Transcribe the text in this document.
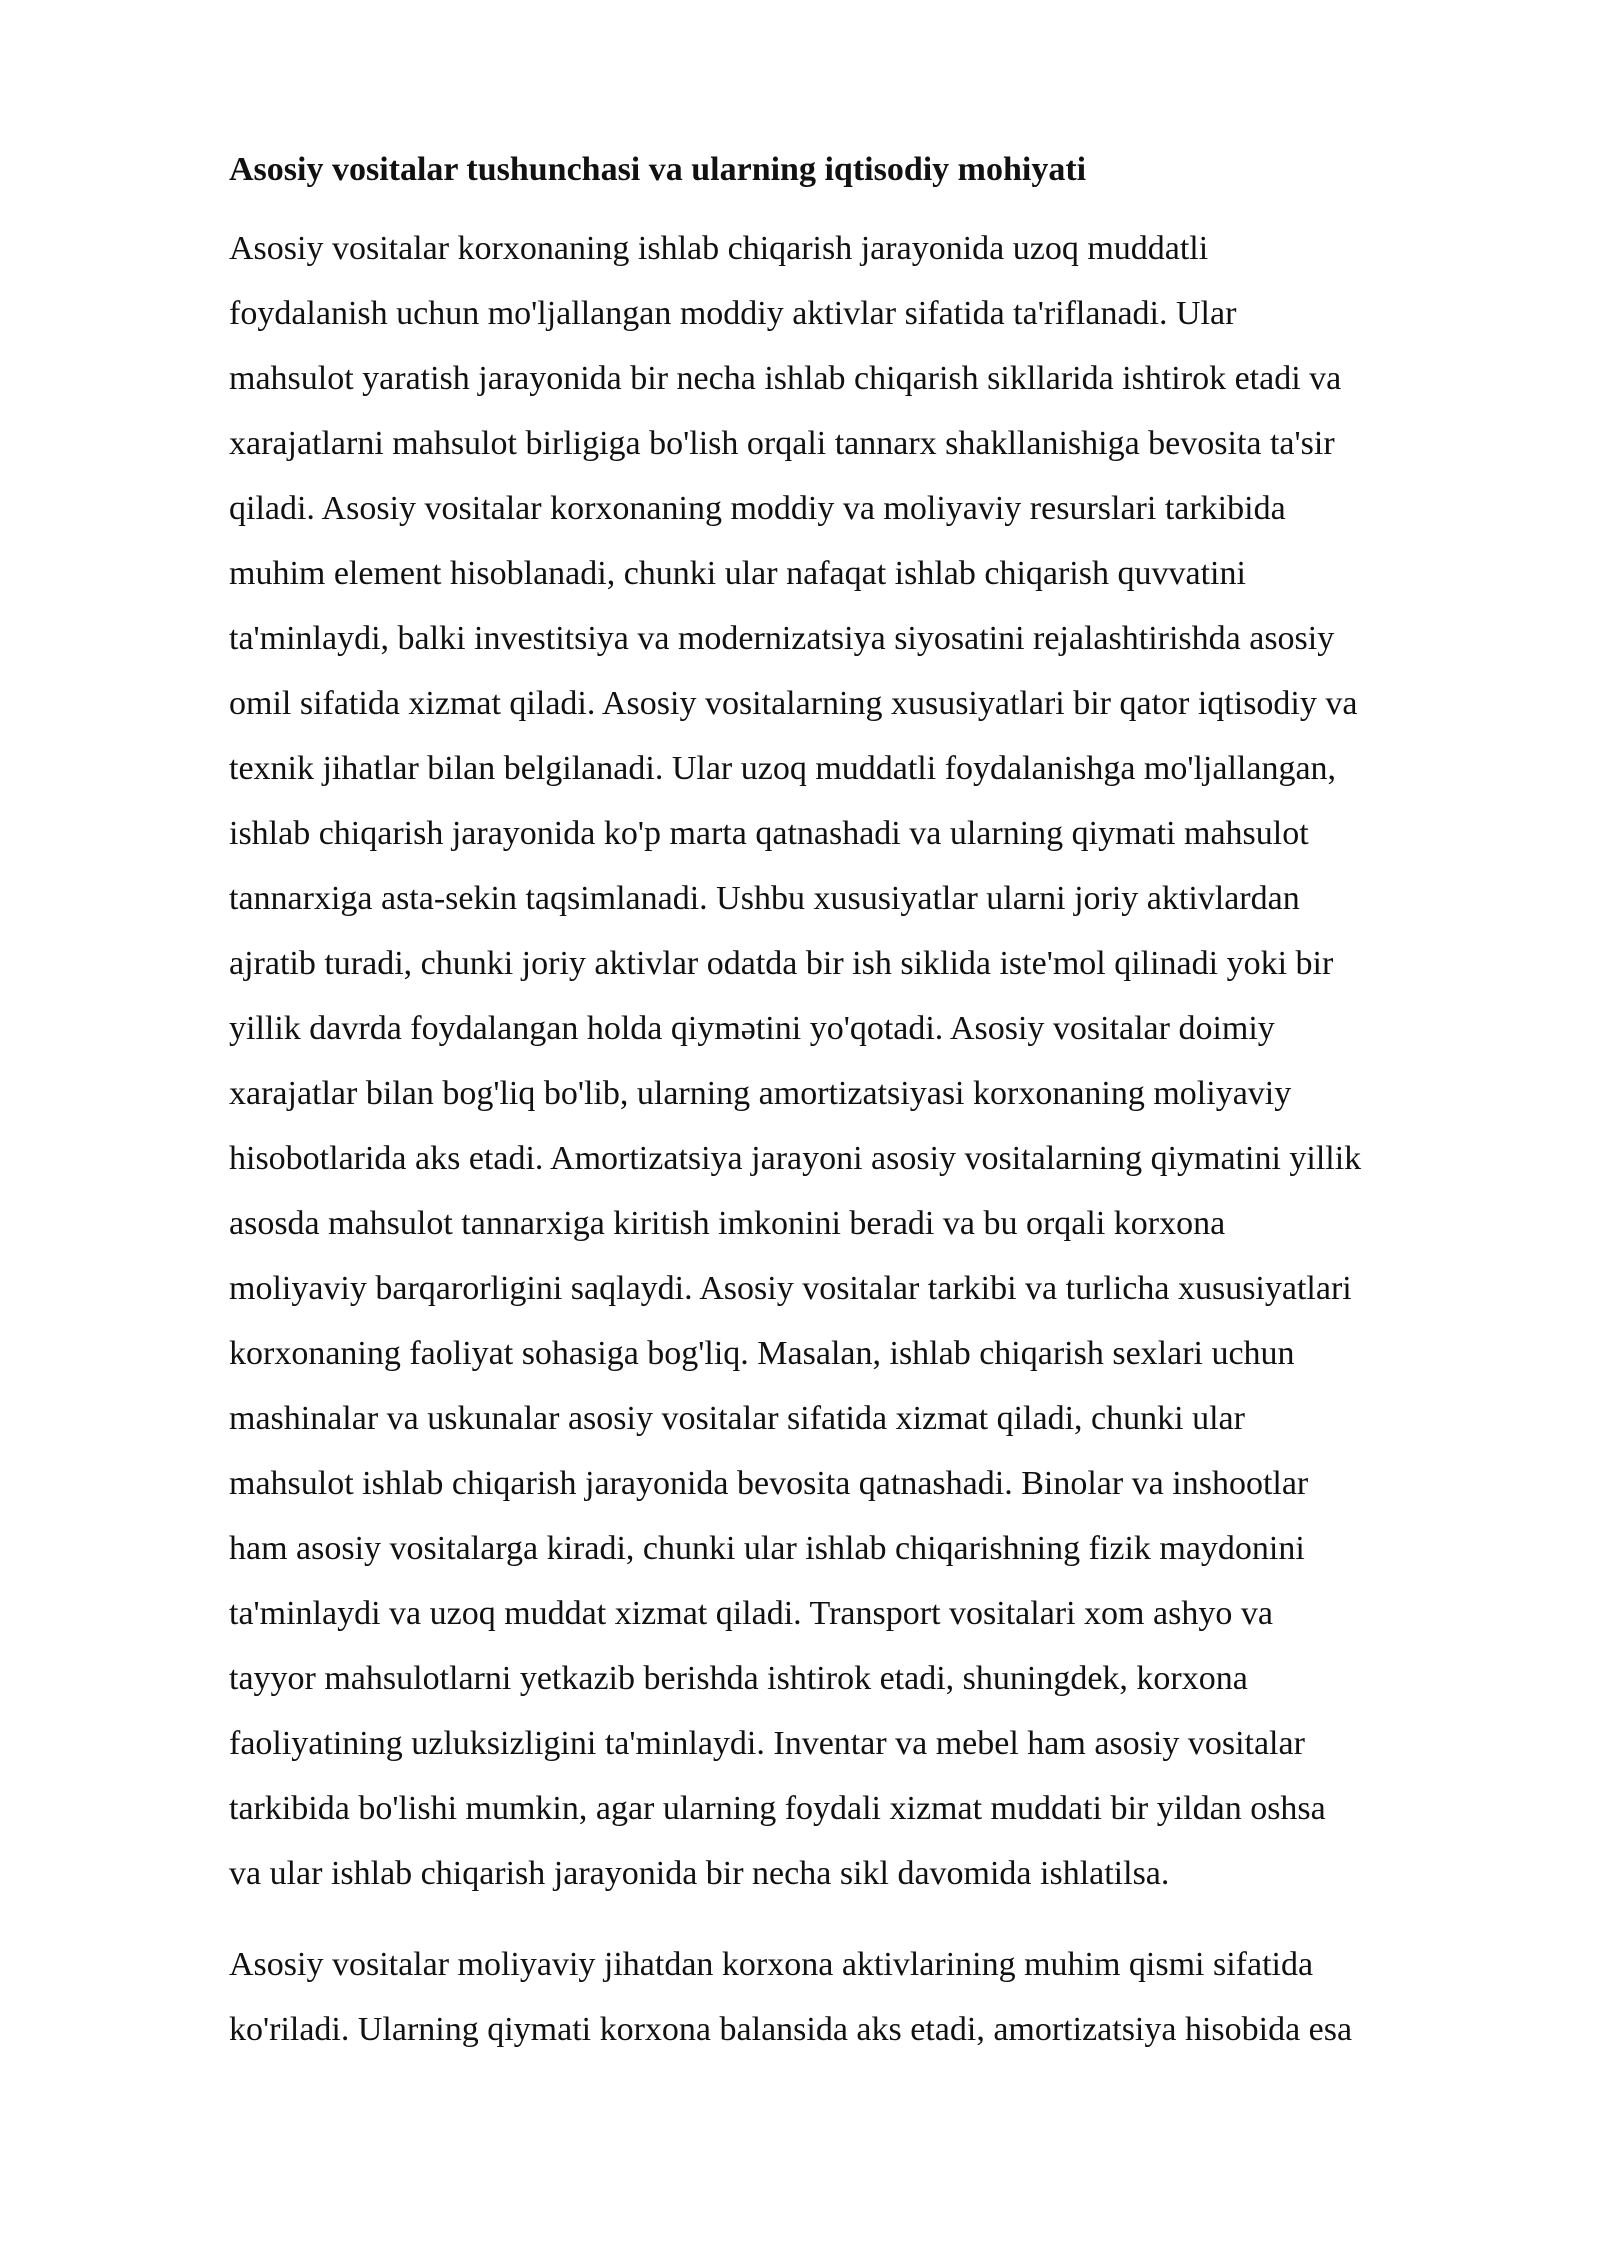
Asosiy vositalar tushunchasi va ularning iqtisodiy mohiyati
Asosiy vositalar korxonaning ishlab chiqarish jarayonida uzoq muddatli
foydalanish uchun mo'ljallangan moddiy aktivlar sifatida ta'riflanadi. Ular
mahsulot yaratish jarayonida bir necha ishlab chiqarish sikllarida ishtirok etadi va
xarajatlarni mahsulot birligiga bo'lish orqali tannarx shakllanishiga bevosita ta'sir
qiladi. Asosiy vositalar korxonaning moddiy va moliyaviy resurslari tarkibida
muhim element hisoblanadi, chunki ular nafaqat ishlab chiqarish quvvatini
ta'minlaydi, balki investitsiya va modernizatsiya siyosatini rejalashtirishda asosiy
omil sifatida xizmat qiladi. Asosiy vositalarning xususiyatlari bir qator iqtisodiy va
texnik jihatlar bilan belgilanadi. Ular uzoq muddatli foydalanishga mo'ljallangan,
ishlab chiqarish jarayonida ko'p marta qatnashadi va ularning qiymati mahsulot
tannarxiga asta-sekin taqsimlanadi. Ushbu xususiyatlar ularni joriy aktivlardan
ajratib turadi, chunki joriy aktivlar odatda bir ish siklida iste'mol qilinadi yoki bir
yillik davrda foydalangan holda qiymətini yo'qotadi. Asosiy vositalar doimiy
xarajatlar bilan bog'liq bo'lib, ularning amortizatsiyasi korxonaning moliyaviy
hisobotlarida aks etadi. Amortizatsiya jarayoni asosiy vositalarning qiymatini yillik
asosda mahsulot tannarxiga kiritish imkonini beradi va bu orqali korxona
moliyaviy barqarorligini saqlaydi. Asosiy vositalar tarkibi va turlicha xususiyatlari
korxonaning faoliyat sohasiga bog'liq. Masalan, ishlab chiqarish sexlari uchun
mashinalar va uskunalar asosiy vositalar sifatida xizmat qiladi, chunki ular
mahsulot ishlab chiqarish jarayonida bevosita qatnashadi. Binolar va inshootlar
ham asosiy vositalarga kiradi, chunki ular ishlab chiqarishning fizik maydonini
ta'minlaydi va uzoq muddat xizmat qiladi. Transport vositalari xom ashyo va
tayyor mahsulotlarni yetkazib berishda ishtirok etadi, shuningdek, korxona
faoliyatining uzluksizligini ta'minlaydi. Inventar va mebel ham asosiy vositalar
tarkibida bo'lishi mumkin, agar ularning foydali xizmat muddati bir yildan oshsa
va ular ishlab chiqarish jarayonida bir necha sikl davomida ishlatilsa.
Asosiy vositalar moliyaviy jihatdan korxona aktivlarining muhim qismi sifatida
ko'riladi. Ularning qiymati korxona balansida aks etadi, amortizatsiya hisobida esa
